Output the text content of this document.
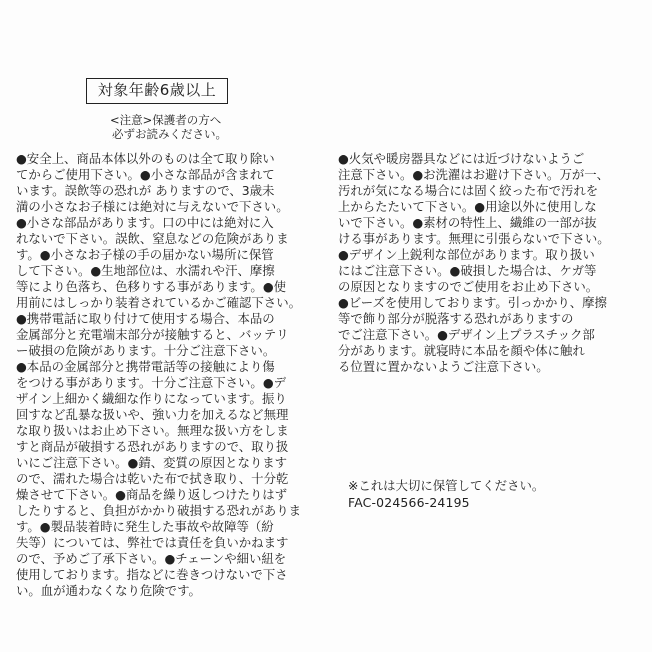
対象年齢6歳以上
<注意>保護者の方へ
必ずお読みください。
●安全上、商品本体以外のものは全て取り除い
てからご使用下さい。●小さな部品が含まれて
います。誤飲等の恐れが ありますので、3歳未
満の小さなお子様には絶対に与えないで下さい。
●小さな部品があります。口の中には絶対に入
れないで下さい。誤飲、窒息などの危険がありま
す。●小さなお子様の手の届かない場所に保管
して下さい。●生地部位は、水濡れや汗、摩擦
等により色落ち、色移りする事があります。●使
用前にはしっかり装着されているかご確認下さい。
●携帯電話に取り付けて使用する場合、本品の
金属部分と充電端末部分が接触すると、バッテリ
ー破損の危険があります。十分ご注意下さい。
●本品の金属部分と携帯電話等の接触により傷
をつける事があります。十分ご注意下さい。●デ
ザイン上細かく繊細な作りになっています。振り
回すなど乱暴な扱いや、強い力を加えるなど無理
な取り扱いはお止め下さい。無理な扱い方をしま
すと商品が破損する恐れがありますので、取り扱
いにご注意下さい。●錆、変質の原因となります
ので、濡れた場合は乾いた布で拭き取り、十分乾
燥させて下さい。●商品を繰り返しつけたりはず
したりすると、負担がかかり破損する恐れがありま
す。●製品装着時に発生した事故や故障等（紛
失等）については、弊社では責任を負いかねます
ので、予めご了承下さい。●チェーンや細い紐を
使用しております。指などに巻きつけないで下さ
い。血が通わなくなり危険です。
●火気や暖房器具などには近づけないようご
注意下さい。●お洗濯はお避け下さい。万が一、
汚れが気になる場合には固く絞った布で汚れを
上からたたいて下さい。●用途以外に使用しな
いで下さい。●素材の特性上、繊維の一部が抜
ける事があります。無理に引張らないで下さい。
●デザイン上鋭利な部位があります。取り扱い
にはご注意下さい。●破損した場合は、ケガ等
の原因となりますのでご使用をお止め下さい。
●ビーズを使用しております。引っかかり、摩擦
等で飾り部分が脱落する恐れがありますの
でご注意下さい。●デザイン上プラスチック部
分があります。就寝時に本品を顔や体に触れ
る位置に置かないようご注意下さい。
※これは大切に保管してください。
FAC-024566-24195
